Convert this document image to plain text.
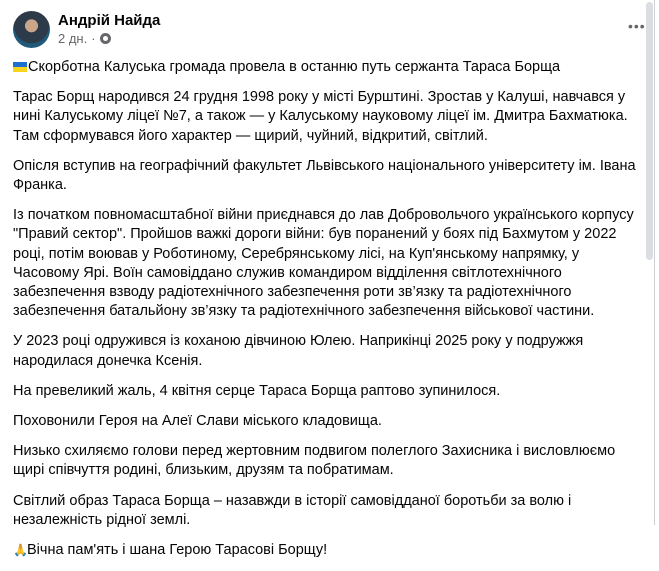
Андрій Найда
2 дн. ·
•••

Скорботна Калуська громада провела в останню путь сержанта Тараса Борща

Тарас Борщ народився 24 грудня 1998 року у місті Бурштині. Зростав у Калуші, навчався у нині Калуському ліцеї №7, а також — у Калуському науковому ліцеї ім. Дмитра Бахматюка. Там сформувався його характер — щирий, чуйний, відкритий, світлий.

Опісля вступив на географічний факультет Львівського національного університету ім. Івана Франка.

Із початком повномасштабної війни приєднався до лав Добровольчого українського корпусу "Правий сектор". Пройшов важкі дороги війни: був поранений у боях під Бахмутом у 2022 році, потім воював у Роботиному, Серебрянському лісі, на Куп'янському напрямку, у Часовому Ярі. Воїн самовіддано служив командиром відділення світлотехнічного забезпечення взводу радіотехнічного забезпечення роти зв’язку та радіотехнічного забезпечення батальйону зв’язку та радіотехнічного забезпечення військової частини.

У 2023 році одружився із коханою дівчиною Юлею. Наприкінці 2025 року у подружжя народилася донечка Ксенія.

На превеликий жаль, 4 квітня серце Тараса Борща раптово зупинилося.

Поховонили Героя на Алеї Слави міського кладовища.

Низько схиляємо голови перед жертовним подвигом полеглого Захисника і висловлюємо щирі співчуття родині, близьким, друзям та побратимам.

Світлий образ Тараса Борща – назавжди в історії самовідданої боротьби за волю і незалежність рідної землі.

🙏Вічна пам'ять і шана Герою Тарасові Борщу!
